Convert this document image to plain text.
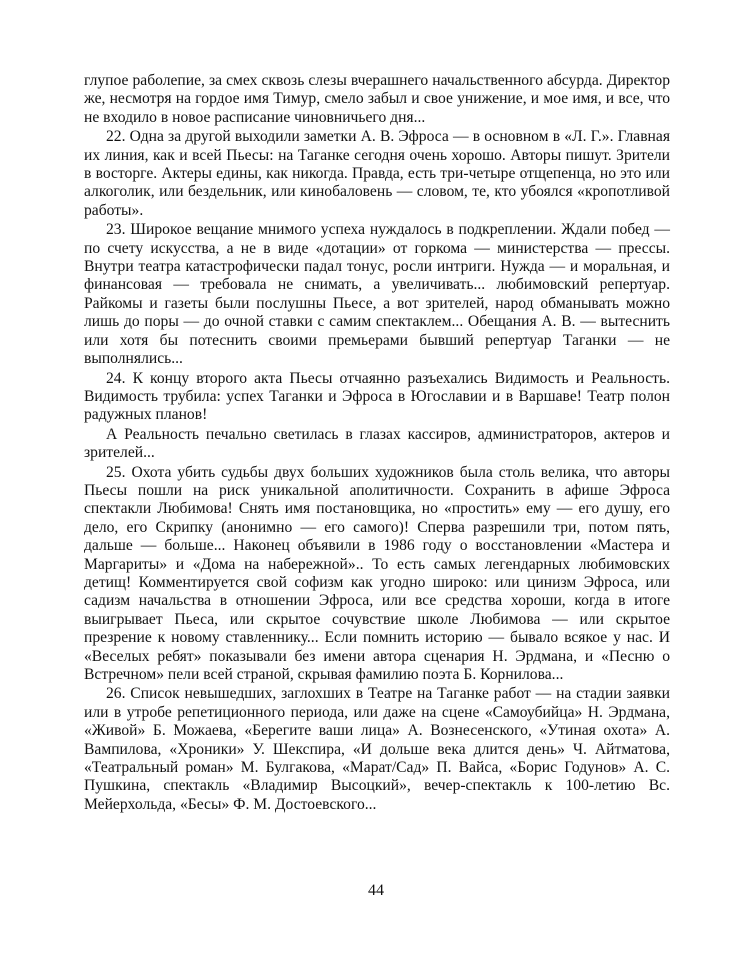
глупое раболепие, за смех сквозь слезы вчерашнего начальственного абсурда. Директор же, несмотря на гордое имя Тимур, смело забыл и свое унижение, и мое имя, и все, что не входило в новое расписание чиновничьего дня...

22. Одна за другой выходили заметки А. В. Эфроса — в основном в «Л. Г.». Главная их линия, как и всей Пьесы: на Таганке сегодня очень хорошо. Авторы пишут. Зрители в восторге. Актеры едины, как никогда. Правда, есть три-четыре отщепенца, но это или алкоголик, или бездельник, или кинобаловень — словом, те, кто убоялся «кропотливой работы».

23. Широкое вещание мнимого успеха нуждалось в подкреплении. Ждали побед — по счету искусства, а не в виде «дотации» от горкома — министерства — прессы. Внутри театра катастрофически падал тонус, росли интриги. Нужда — и моральная, и финансовая — требовала не снимать, а увеличивать... любимовский репертуар. Райкомы и газеты были послушны Пьесе, а вот зрителей, народ обманывать можно лишь до поры — до очной ставки с самим спектаклем... Обещания А. В. — вытеснить или хотя бы потеснить своими премьерами бывший репертуар Таганки — не выполнялись...

24. К концу второго акта Пьесы отчаянно разъехались Видимость и Реальность. Видимость трубила: успех Таганки и Эфроса в Югославии и в Варшаве! Театр полон радужных планов!

А Реальность печально светилась в глазах кассиров, администраторов, актеров и зрителей...

25. Охота убить судьбы двух больших художников была столь велика, что авторы Пьесы пошли на риск уникальной аполитичности. Сохранить в афише Эфроса спектакли Любимова! Снять имя постановщика, но «простить» ему — его душу, его дело, его Скрипку (анонимно — его самого)! Сперва разрешили три, потом пять, дальше — больше... Наконец объявили в 1986 году о восстановлении «Мастера и Маргариты» и «Дома на набережной».. То есть самых легендарных любимовских детищ! Комментируется свой софизм как угодно широко: или цинизм Эфроса, или садизм начальства в отношении Эфроса, или все средства хороши, когда в итоге выигрывает Пьеса, или скрытое сочувствие школе Любимова — или скрытое презрение к новому ставленнику... Если помнить историю — бывало всякое у нас. И «Веселых ребят» показывали без имени автора сценария Н. Эрдмана, и «Песню о Встречном» пели всей страной, скрывая фамилию поэта Б. Корнилова...

26. Список невышедших, заглохших в Театре на Таганке работ — на стадии заявки или в утробе репетиционного периода, или даже на сцене «Самоубийца» Н. Эрдмана, «Живой» Б. Можаева, «Берегите ваши лица» А. Вознесенского, «Утиная охота» А. Вампилова, «Хроники» У. Шекспира, «И дольше века длится день» Ч. Айтматова, «Театральный роман» М. Булгакова, «Марат/Сад» П. Вайса, «Борис Годунов» А. С. Пушкина, спектакль «Владимир Высоцкий», вечер-спектакль к 100-летию Вс. Мейерхольда, «Бесы» Ф. М. Достоевского...

44
